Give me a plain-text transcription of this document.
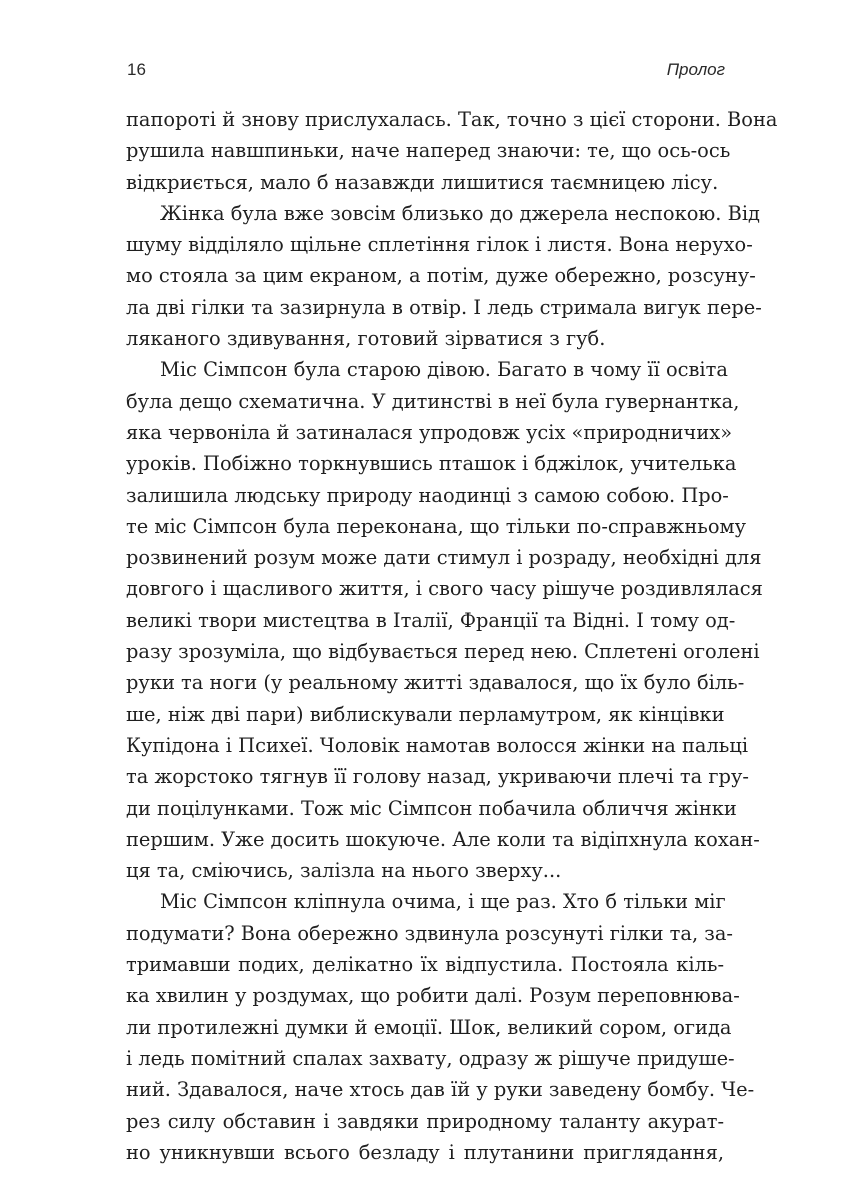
16	Пролог

папороті й знову прислухалась. Так, точно з цієї сторони. Вона
рушила навшпиньки, наче наперед знаючи: те, що ось-ось
відкриється, мало б назавжди лишитися таємницею лісу.

Жінка була вже зовсім близько до джерела неспокою. Від
шуму відділяло щільне сплетіння гілок і листя. Вона нерухо-
мо стояла за цим екраном, а потім, дуже обережно, розсуну-
ла дві гілки та зазирнула в отвір. І ледь стримала вигук пере-
ляканого здивування, готовий зірватися з губ.

Міс Сімпсон була старою дівою. Багато в чому її освіта
була дещо схематична. У дитинстві в неї була гувернантка,
яка червоніла й затиналася упродовж усіх «природничих»
уроків. Побіжно торкнувшись пташок і бджілок, учителька
залишила людську природу наодинці з самою собою. Про-
те міс Сімпсон була переконана, що тільки по-справжньому
розвинений розум може дати стимул і розраду, необхідні для
довгого і щасливого життя, і свого часу рішуче роздивлялася
великі твори мистецтва в Італії, Франції та Відні. І тому од-
разу зрозуміла, що відбувається перед нею. Сплетені оголені
руки та ноги (у реальному житті здавалося, що їх було біль-
ше, ніж дві пари) виблискували перламутром, як кінцівки
Купідона і Психеї. Чоловік намотав волосся жінки на пальці
та жорстоко тягнув її голову назад, укриваючи плечі та гру-
ди поцілунками. Тож міс Сімпсон побачила обличчя жінки
першим. Уже досить шокуюче. Але коли та відіпхнула кохан-
ця та, сміючись, залізла на нього зверху...

Міс Сімпсон кліпнула очима, і ще раз. Хто б тільки міг
подумати? Вона обережно здвинула розсунуті гілки та, за-
тримавши подих, делікатно їх відпустила. Постояла кіль-
ка хвилин у роздумах, що робити далі. Розум переповнюва-
ли протилежні думки й емоції. Шок, великий сором, огида
і ледь помітний спалах захвату, одразу ж рішуче придуше-
ний. Здавалося, наче хтось дав їй у руки заведену бомбу. Че-
рез силу обставин і завдяки природному таланту акурат-
но уникнувши всього безладу і плутанини приглядання,
